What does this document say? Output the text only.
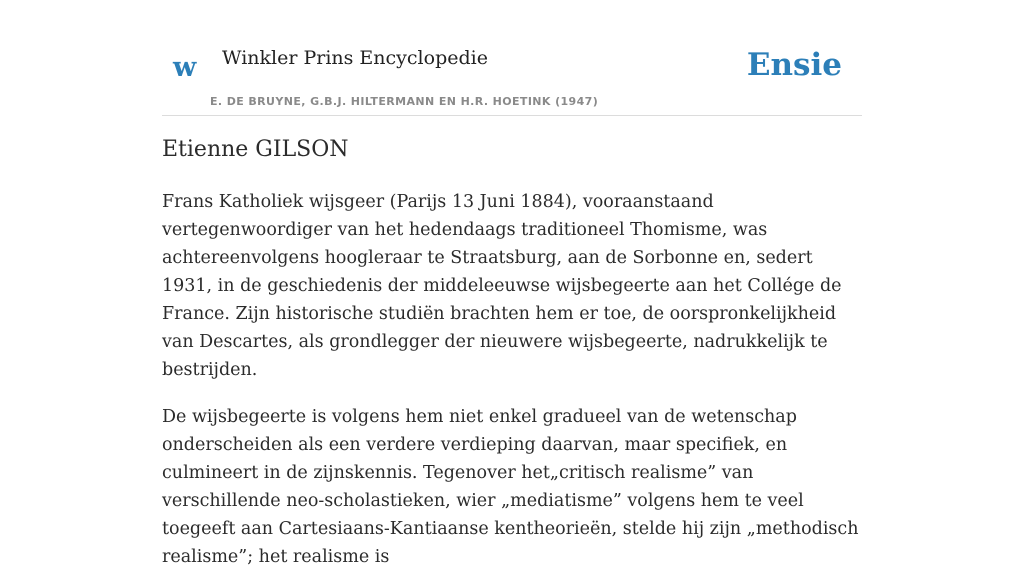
w Winkler Prins Encyclopedie
E. DE BRUYNE, G.B.J. HILTERMANN EN H.R. HOETINK (1947)
Ensie
Etienne GILSON

Frans Katholiek wijsgeer (Parijs 13 Juni 1884), vooraanstaand vertegenwoordiger van het hedendaags traditioneel Thomisme, was achtereenvolgens hoogleraar te Straatsburg, aan de Sorbonne en, sedert 1931, in de geschiedenis der middeleeuwse wijsbegeerte aan het Collége de France. Zijn historische studiën brachten hem er toe, de oorspronkelijkheid van Descartes, als grondlegger der nieuwere wijsbegeerte, nadrukkelijk te bestrijden.

De wijsbegeerte is volgens hem niet enkel gradueel van de wetenschap onderscheiden als een verdere verdieping daarvan, maar specifiek, en culmineert in de zijnskennis. Tegenover het„critisch realisme” van verschillende neo-scholastieken, wier „mediatisme” volgens hem te veel toegeeft aan Cartesiaans-Kantiaanse kentheorieën, stelde hij zijn „methodisch realisme”; het realisme is
